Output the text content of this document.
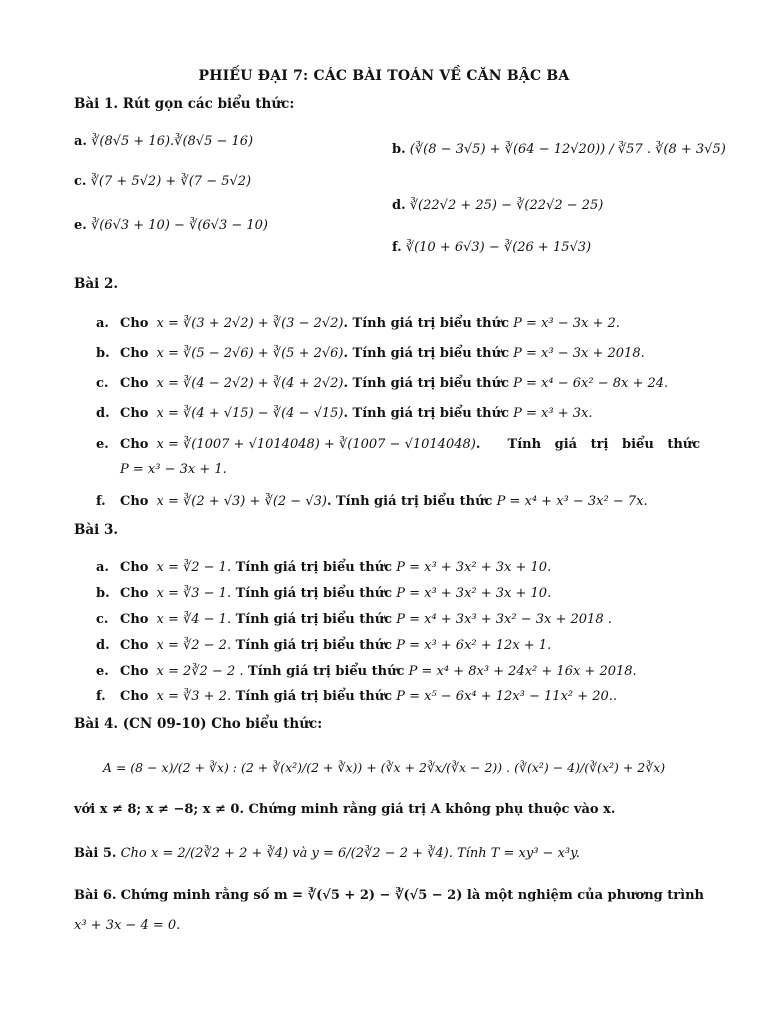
PHIẾU ĐẠI 7: CÁC BÀI TOÁN VỀ CĂN BẬC BA
Bài 1. Rút gọn các biểu thức:
a. ∛(8√5 + 16).∛(8√5 − 16)
b. (∛(8 − 3√5) + ∛(64 − 12√20)) / ∛57 . ∛(8 + 3√5)
c. ∛(7 + 5√2) + ∛(7 − 5√2)
d. ∛(22√2 + 25) − ∛(22√2 − 25)
e. ∛(6√3 + 10) − ∛(6√3 − 10)
f. ∛(10 + 6√3) − ∛(26 + 15√3)
Bài 2.
a. Cho x = ∛(3 + 2√2) + ∛(3 − 2√2). Tính giá trị biểu thức P = x³ − 3x + 2.
b. Cho x = ∛(5 − 2√6) + ∛(5 + 2√6). Tính giá trị biểu thức P = x³ − 3x + 2018.
c. Cho x = ∛(4 − 2√2) + ∛(4 + 2√2). Tính giá trị biểu thức P = x⁴ − 6x² − 8x + 24.
d. Cho x = ∛(4 + √15) − ∛(4 − √15). Tính giá trị biểu thức P = x³ + 3x.
e. Cho x = ∛(1007 + √1014048) + ∛(1007 − √1014048).      Tính   giá   trị   biểu   thức
P = x³ − 3x + 1.
f. Cho x = ∛(2 + √3) + ∛(2 − √3). Tính giá trị biểu thức P = x⁴ + x³ − 3x² − 7x.
Bài 3.
a. Cho x = ∛2 − 1. Tính giá trị biểu thức P = x³ + 3x² + 3x + 10.
b. Cho x = ∛3 − 1. Tính giá trị biểu thức P = x³ + 3x² + 3x + 10.
c. Cho x = ∛4 − 1. Tính giá trị biểu thức P = x⁴ + 3x³ + 3x² − 3x + 2018 .
d. Cho x = ∛2 − 2. Tính giá trị biểu thức P = x³ + 6x² + 12x + 1.
e. Cho x = 2∛2 − 2 . Tính giá trị biểu thức P = x⁴ + 8x³ + 24x² + 16x + 2018.
f. Cho x = ∛3 + 2. Tính giá trị biểu thức P = x⁵ − 6x⁴ + 12x³ − 11x² + 20..
Bài 4. (CN 09-10) Cho biểu thức:
A = (8 − x)/(2 + ∛x) : (2 + ∛(x²)/(2 + ∛x)) + (∛x + 2∛x/(∛x − 2)) . (∛(x²) − 4)/(∛(x²) + 2∛x)
với x ≠ 8; x ≠ −8; x ≠ 0. Chứng minh rằng giá trị A không phụ thuộc vào x.
Bài 5. Cho x = 2/(2∛2 + 2 + ∛4) và y = 6/(2∛2 − 2 + ∛4). Tính T = xy³ − x³y.
Bài 6. Chứng minh rằng số m = ∛(√5 + 2) − ∛(√5 − 2) là một nghiệm của phương trình
x³ + 3x − 4 = 0.
